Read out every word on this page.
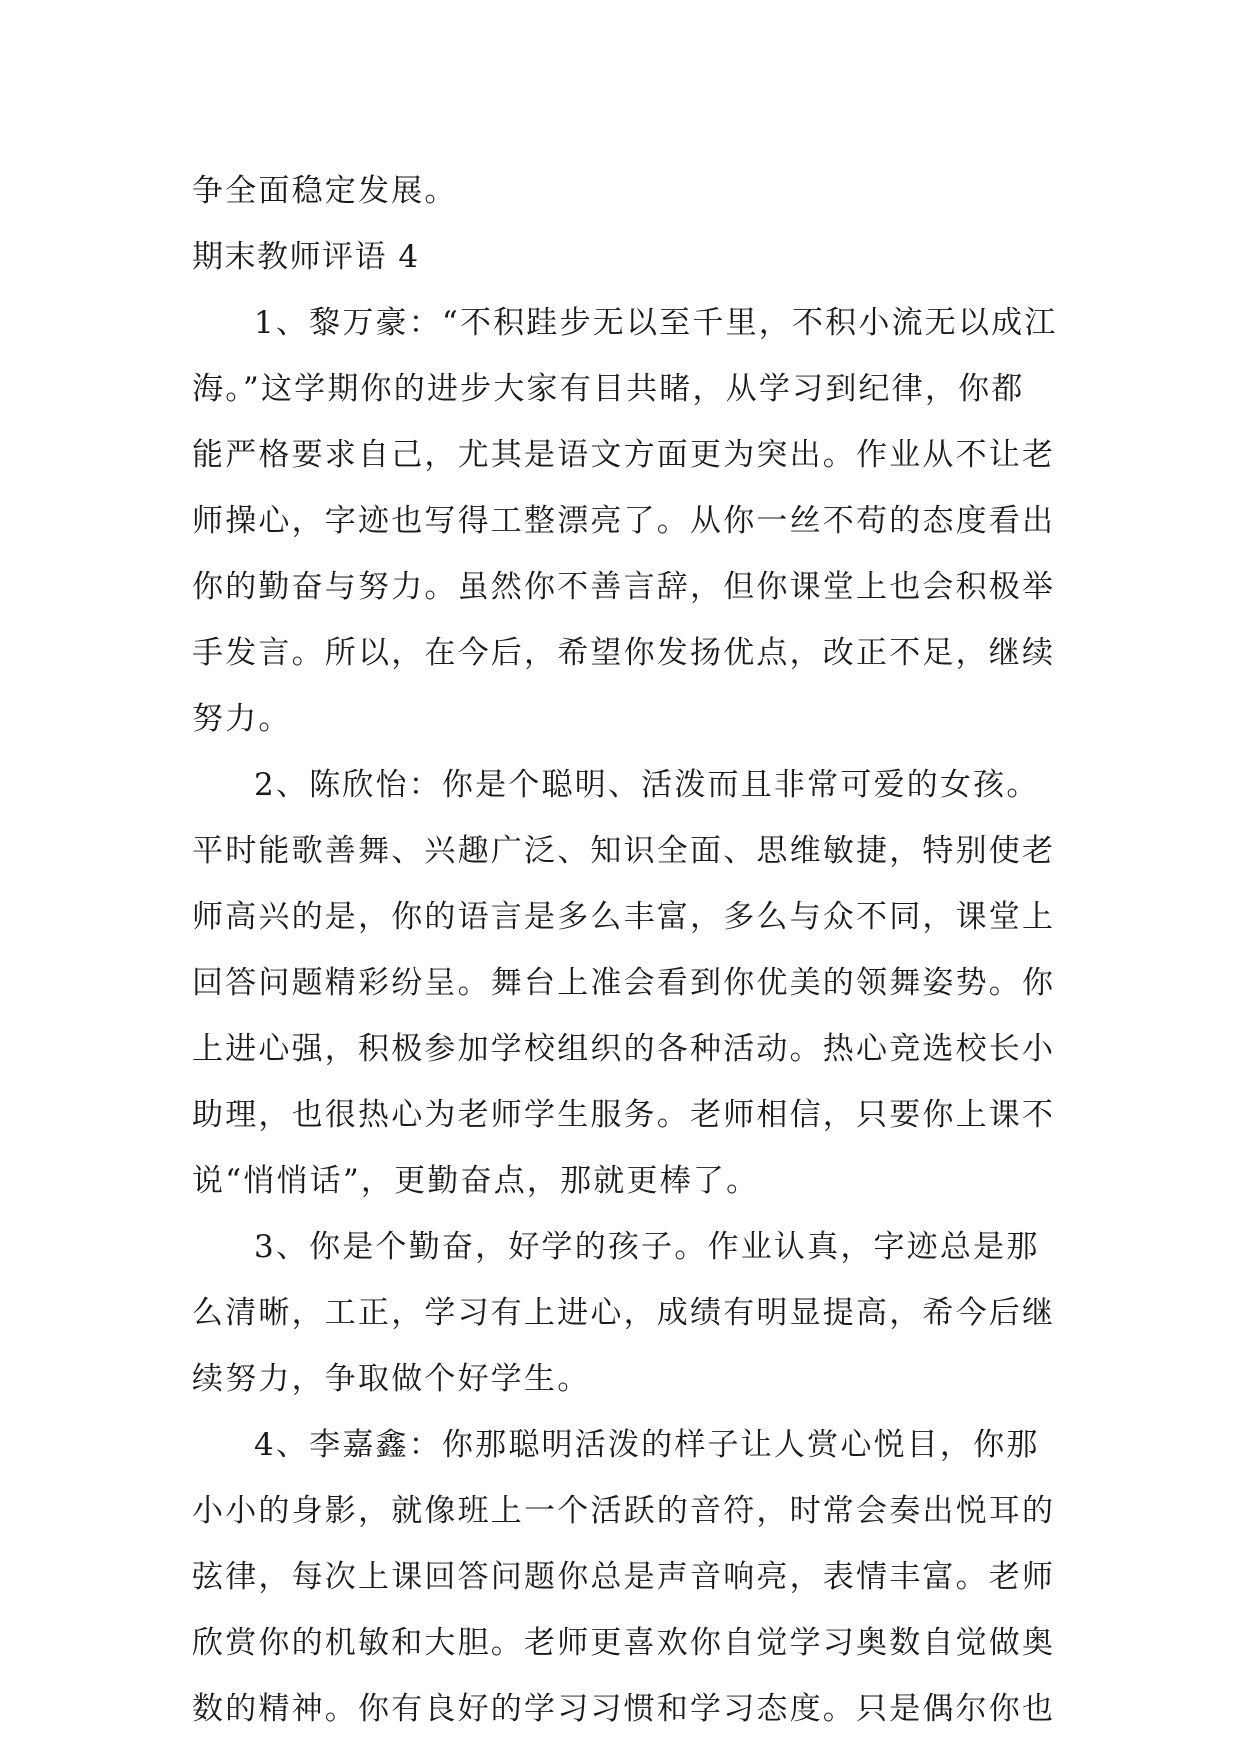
争全面稳定发展。
期末教师评语 4
1、黎万豪：“不积跬步无以至千里，不积小流无以成江
海。”这学期你的进步大家有目共睹，从学习到纪律，你都
能严格要求自己，尤其是语文方面更为突出。作业从不让老
师操心，字迹也写得工整漂亮了。从你一丝不苟的态度看出
你的勤奋与努力。虽然你不善言辞，但你课堂上也会积极举
手发言。所以，在今后，希望你发扬优点，改正不足，继续
努力。
2、陈欣怡：你是个聪明、活泼而且非常可爱的女孩。
平时能歌善舞、兴趣广泛、知识全面、思维敏捷，特别使老
师高兴的是，你的语言是多么丰富，多么与众不同，课堂上
回答问题精彩纷呈。舞台上准会看到你优美的领舞姿势。你
上进心强，积极参加学校组织的各种活动。热心竞选校长小
助理，也很热心为老师学生服务。老师相信，只要你上课不
说“悄悄话”，更勤奋点，那就更棒了。
3、你是个勤奋，好学的孩子。作业认真，字迹总是那
么清晰，工正，学习有上进心，成绩有明显提高，希今后继
续努力，争取做个好学生。
4、李嘉鑫：你那聪明活泼的样子让人赏心悦目，你那
小小的身影，就像班上一个活跃的音符，时常会奏出悦耳的
弦律，每次上课回答问题你总是声音响亮，表情丰富。老师
欣赏你的机敏和大胆。老师更喜欢你自觉学习奥数自觉做奥
数的精神。你有良好的学习习惯和学习态度。只是偶尔你也
